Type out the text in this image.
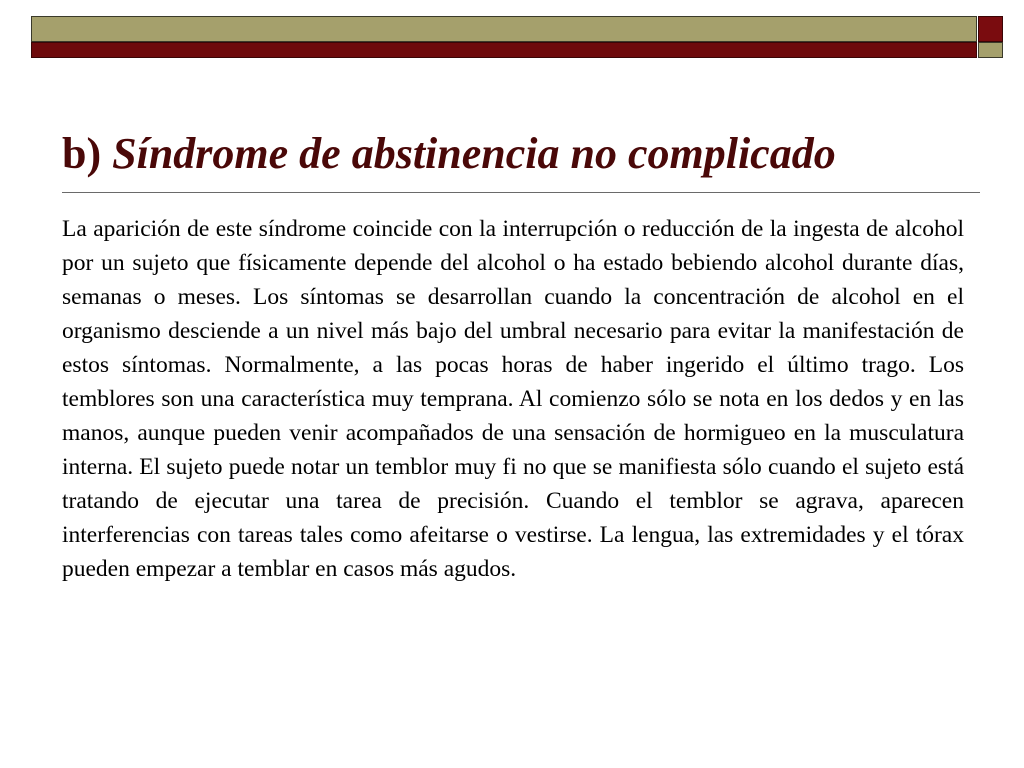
b) Síndrome de abstinencia no complicado

La aparición de este síndrome coincide con la interrupción o reducción de la ingesta de alcohol por un sujeto que físicamente depende del alcohol o ha estado bebiendo alcohol durante días, semanas o meses. Los síntomas se desarrollan cuando la concentración de alcohol en el organismo desciende a un nivel más bajo del umbral necesario para evitar la manifestación de estos síntomas. Normalmente, a las pocas horas de haber ingerido el último trago. Los temblores son una característica muy temprana. Al comienzo sólo se nota en los dedos y en las manos, aunque pueden venir acompañados de una sensación de hormigueo en la musculatura interna. El sujeto puede notar un temblor muy fi no que se manifiesta sólo cuando el sujeto está tratando de ejecutar una tarea de precisión. Cuando el temblor se agrava, aparecen interferencias con tareas tales como afeitarse o vestirse. La lengua, las extremidades y el tórax pueden empezar a temblar en casos más agudos.
